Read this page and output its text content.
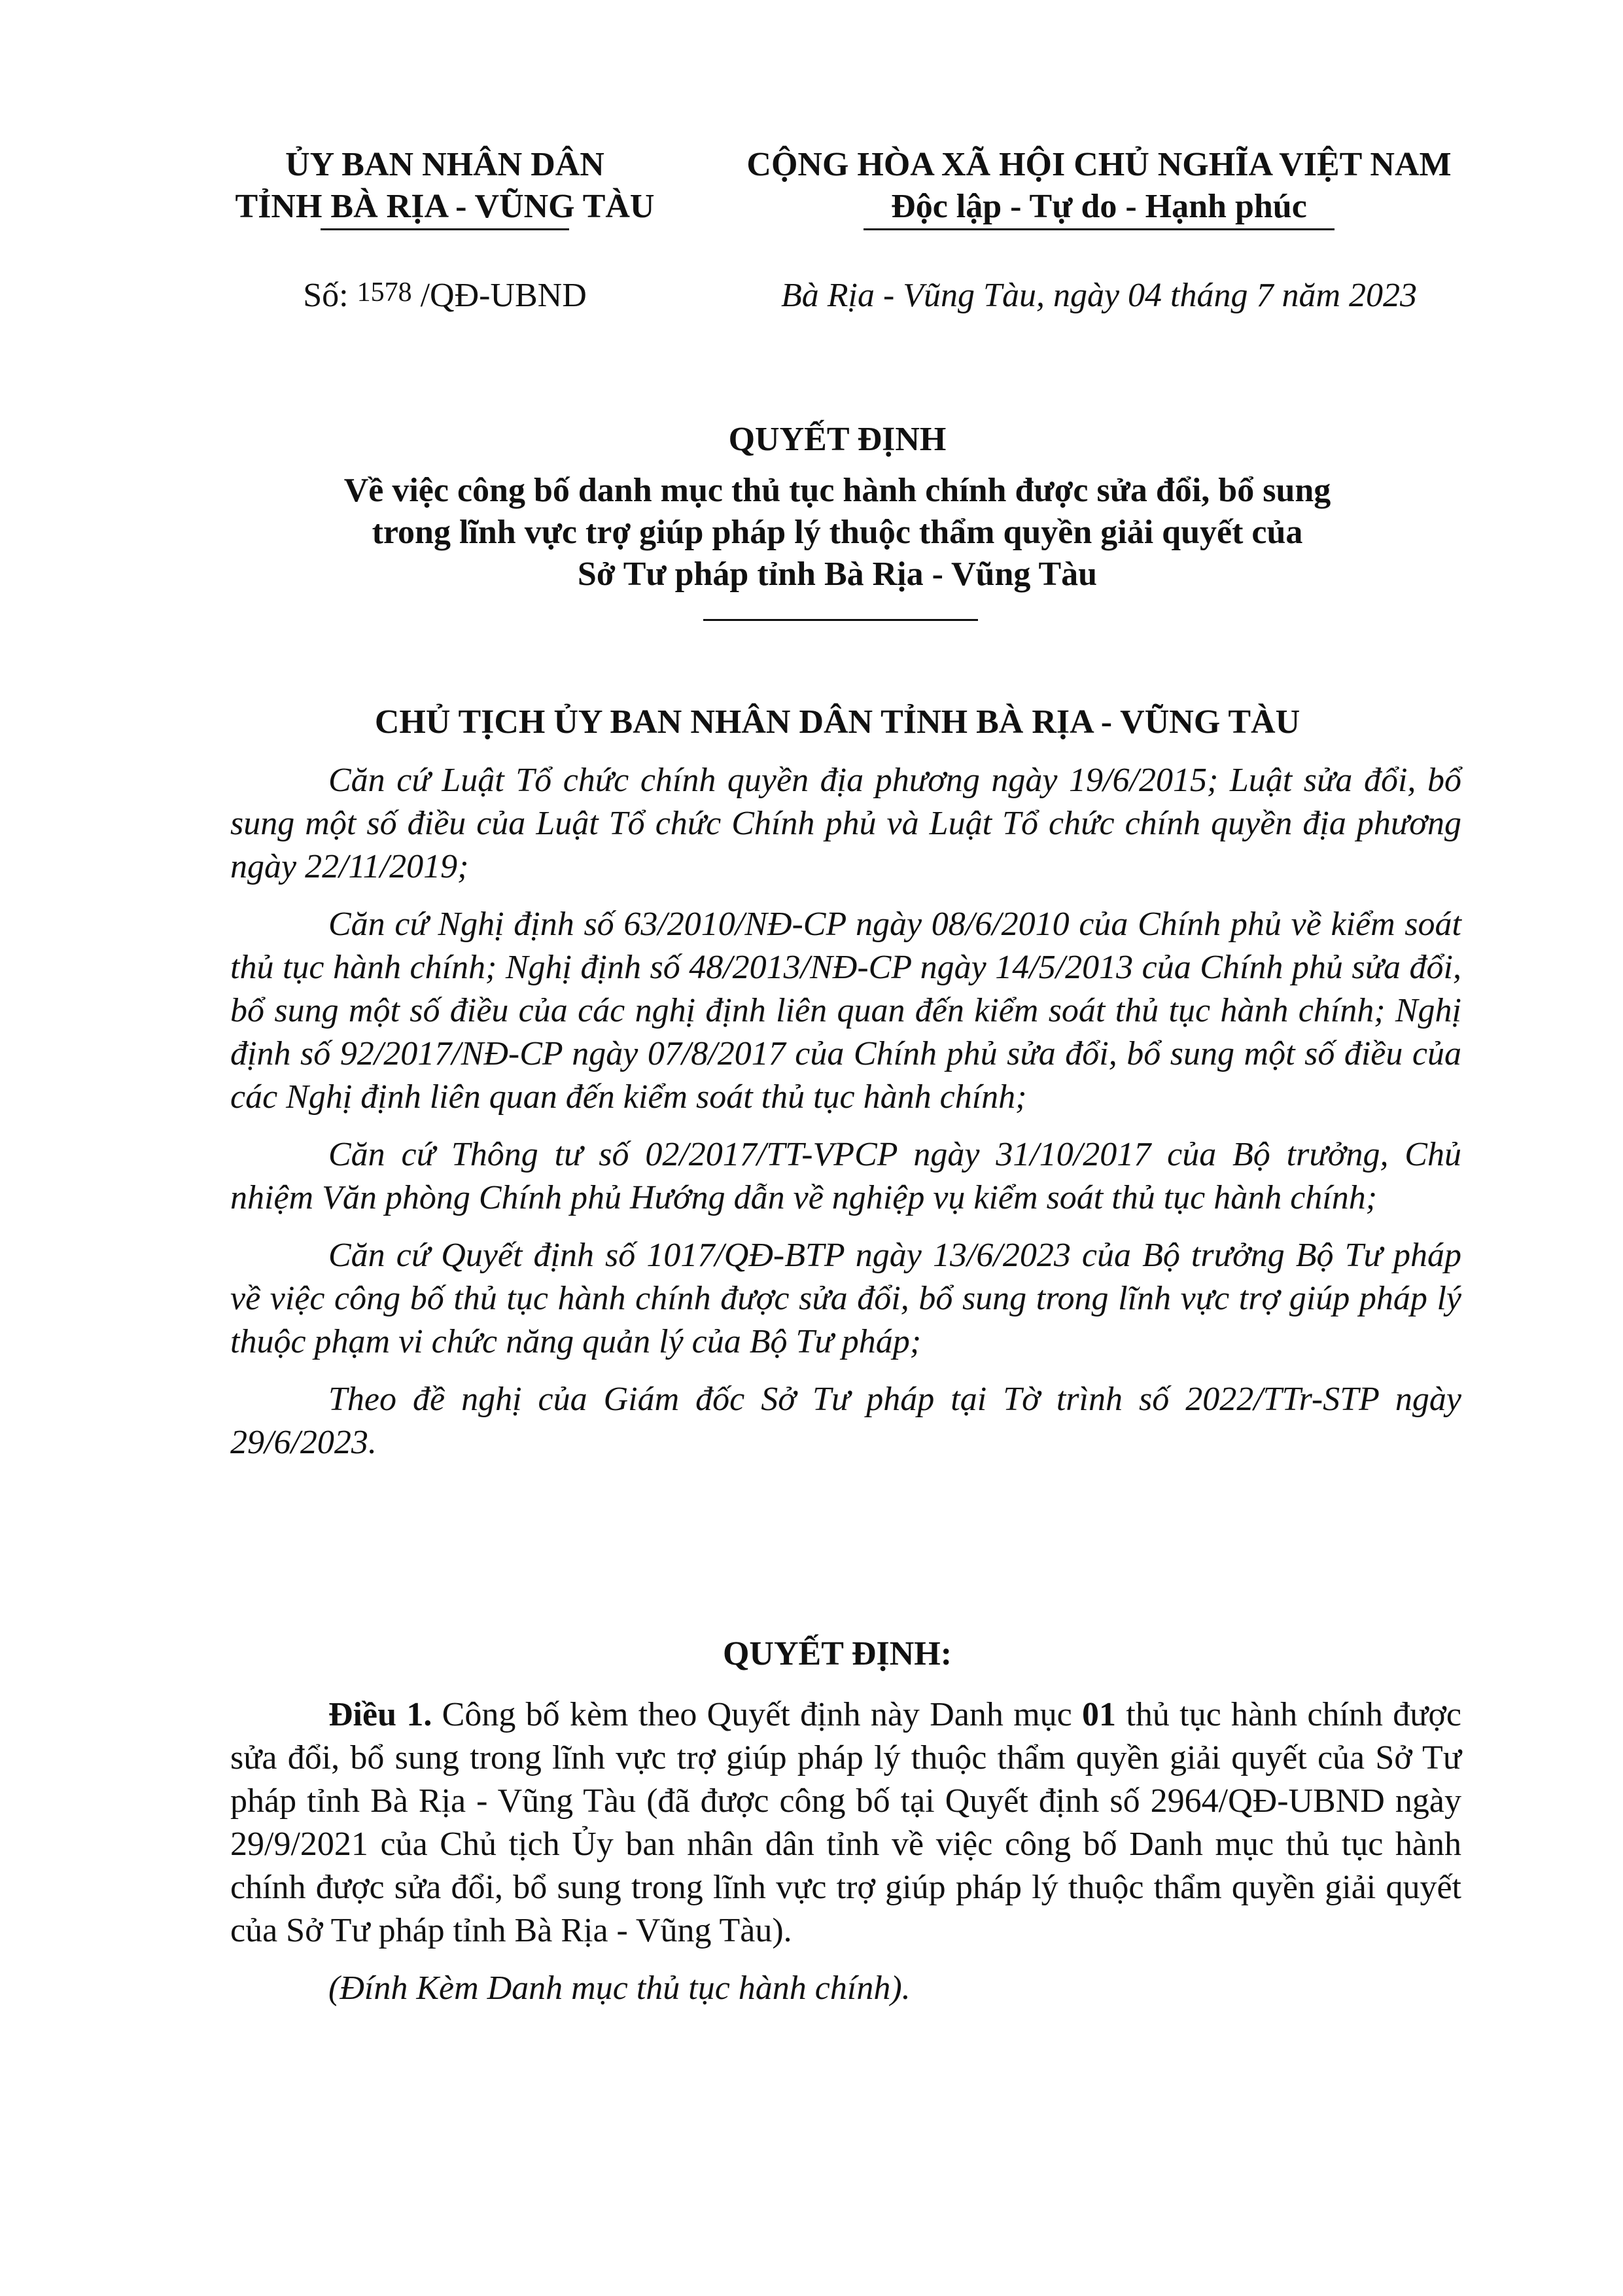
ỦY BAN NHÂN DÂN
TỈNH BÀ RỊA - VŨNG TÀU
CỘNG HÒA XÃ HỘI CHỦ NGHĨA VIỆT NAM
Độc lập - Tự do - Hạnh phúc
Số: 1578 /QĐ-UBND	Bà Rịa - Vũng Tàu, ngày 04 tháng 7 năm 2023
QUYẾT ĐỊNH
Về việc công bố danh mục thủ tục hành chính được sửa đổi, bổ sung
trong lĩnh vực trợ giúp pháp lý thuộc thẩm quyền giải quyết của
Sở Tư pháp tỉnh Bà Rịa - Vũng Tàu
CHỦ TỊCH ỦY BAN NHÂN DÂN TỈNH BÀ RỊA - VŨNG TÀU

Căn cứ Luật Tổ chức chính quyền địa phương ngày 19/6/2015; Luật sửa đổi, bổ sung một số điều của Luật Tổ chức Chính phủ và Luật Tổ chức chính quyền địa phương ngày 22/11/2019;

Căn cứ Nghị định số 63/2010/NĐ-CP ngày 08/6/2010 của Chính phủ về kiểm soát thủ tục hành chính; Nghị định số 48/2013/NĐ-CP ngày 14/5/2013 của Chính phủ sửa đổi, bổ sung một số điều của các nghị định liên quan đến kiểm soát thủ tục hành chính; Nghị định số 92/2017/NĐ-CP ngày 07/8/2017 của Chính phủ sửa đổi, bổ sung một số điều của các Nghị định liên quan đến kiểm soát thủ tục hành chính;

Căn cứ Thông tư số 02/2017/TT-VPCP ngày 31/10/2017 của Bộ trưởng, Chủ nhiệm Văn phòng Chính phủ Hướng dẫn về nghiệp vụ kiểm soát thủ tục hành chính;

Căn cứ Quyết định số 1017/QĐ-BTP ngày 13/6/2023 của Bộ trưởng Bộ Tư pháp về việc công bố thủ tục hành chính được sửa đổi, bổ sung trong lĩnh vực trợ giúp pháp lý thuộc phạm vi chức năng quản lý của Bộ Tư pháp;

Theo đề nghị của Giám đốc Sở Tư pháp tại Tờ trình số 2022/TTr-STP ngày 29/6/2023.

QUYẾT ĐỊNH:

Điều 1. Công bố kèm theo Quyết định này Danh mục 01 thủ tục hành chính được sửa đổi, bổ sung trong lĩnh vực trợ giúp pháp lý thuộc thẩm quyền giải quyết của Sở Tư pháp tỉnh Bà Rịa - Vũng Tàu (đã được công bố tại Quyết định số 2964/QĐ-UBND ngày 29/9/2021 của Chủ tịch Ủy ban nhân dân tỉnh về việc công bố Danh mục thủ tục hành chính được sửa đổi, bổ sung trong lĩnh vực trợ giúp pháp lý thuộc thẩm quyền giải quyết của Sở Tư pháp tỉnh Bà Rịa - Vũng Tàu).

(Đính Kèm Danh mục thủ tục hành chính).
